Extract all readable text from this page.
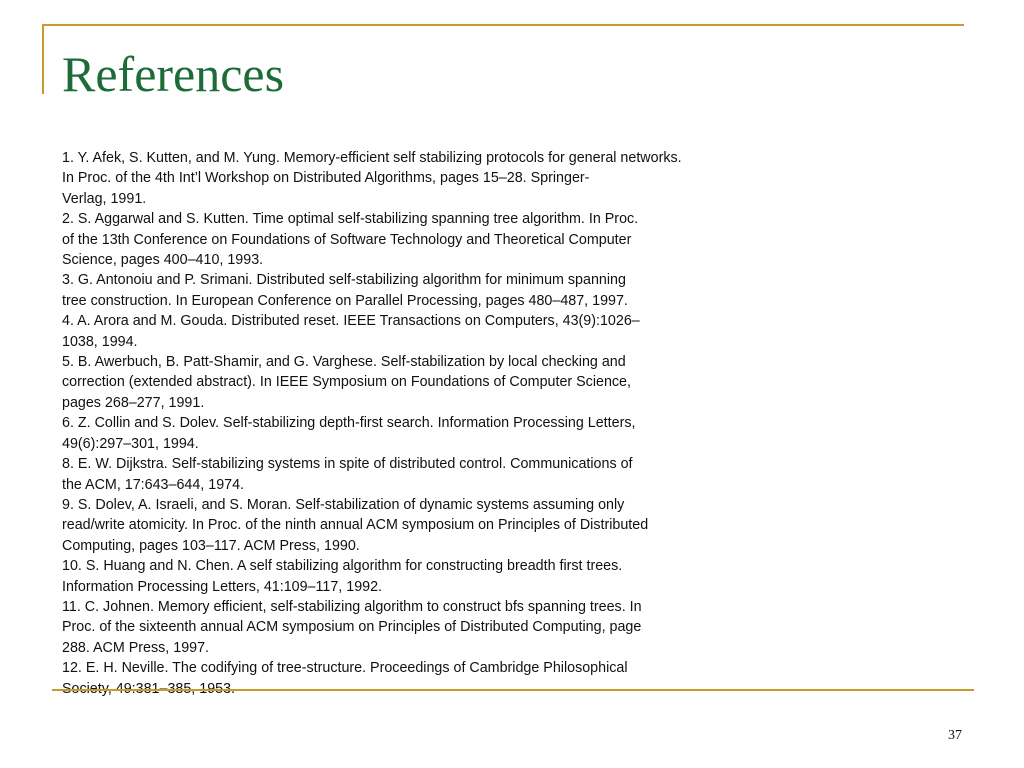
References
1. Y. Afek, S. Kutten, and M. Yung. Memory-efficient self stabilizing protocols for general networks.
In Proc. of the 4th Int’l Workshop on Distributed Algorithms, pages 15–28. Springer-
Verlag, 1991.
2. S. Aggarwal and S. Kutten. Time optimal self-stabilizing spanning tree algorithm. In Proc.
of the 13th Conference on Foundations of Software Technology and Theoretical Computer
Science, pages 400–410, 1993.
3. G. Antonoiu and P. Srimani. Distributed self-stabilizing algorithm for minimum spanning
tree construction. In European Conference on Parallel Processing, pages 480–487, 1997.
4. A. Arora and M. Gouda. Distributed reset. IEEE Transactions on Computers, 43(9):1026–
1038, 1994.
5. B. Awerbuch, B. Patt-Shamir, and G. Varghese. Self-stabilization by local checking and
correction (extended abstract). In IEEE Symposium on Foundations of Computer Science,
pages 268–277, 1991.
6. Z. Collin and S. Dolev. Self-stabilizing depth-first search. Information Processing Letters,
49(6):297–301, 1994.
8. E. W. Dijkstra. Self-stabilizing systems in spite of distributed control. Communications of
the ACM, 17:643–644, 1974.
9. S. Dolev, A. Israeli, and S. Moran. Self-stabilization of dynamic systems assuming only
read/write atomicity. In Proc. of the ninth annual ACM symposium on Principles of Distributed
Computing, pages 103–117. ACM Press, 1990.
10. S. Huang and N. Chen. A self stabilizing algorithm for constructing breadth first trees.
Information Processing Letters, 41:109–117, 1992.
11. C. Johnen. Memory efficient, self-stabilizing algorithm to construct bfs spanning trees. In
Proc. of the sixteenth annual ACM symposium on Principles of Distributed Computing, page
288. ACM Press, 1997.
12. E. H. Neville. The codifying of tree-structure. Proceedings of Cambridge Philosophical
37
